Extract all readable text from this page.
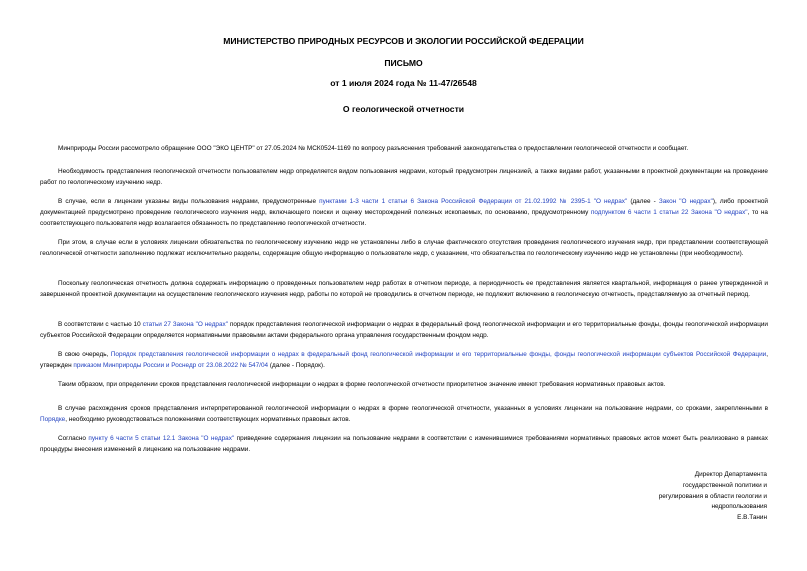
МИНИСТЕРСТВО ПРИРОДНЫХ РЕСУРСОВ И ЭКОЛОГИИ РОССИЙСКОЙ ФЕДЕРАЦИИ
ПИСЬМО
от 1 июля 2024 года № 11-47/26548
О геологической отчетности
Минприроды России рассмотрело обращение ООО "ЭКО ЦЕНТР" от 27.05.2024 № МСК0524-1169 по вопросу разъяснения требований законодательства о предоставлении геологической отчетности и сообщает.
Необходимость представления геологической отчетности пользователем недр определяется видом пользования недрами, который предусмотрен лицензией, а также видами работ, указанными в проектной документации на проведение работ по геологическому изучению недр.
В случае, если в лицензии указаны виды пользования недрами, предусмотренные пунктами 1-3 части 1 статьи 6 Закона Российской Федерации от 21.02.1992 № 2395-1 "О недрах" (далее - Закон "О недрах"), либо проектной документацией предусмотрено проведение геологического изучения недр, включающего поиски и оценку месторождений полезных ископаемых, по основанию, предусмотренному подпунктом 6 части 1 статьи 22 Закона "О недрах", то на соответствующего пользователя недр возлагается обязанность по представлению геологической отчетности.
При этом, в случае если в условиях лицензии обязательства по геологическому изучению недр не установлены либо в случае фактического отсутствия проведения геологического изучения недр, при представлении соответствующей геологической отчетности заполнению подлежат исключительно разделы, содержащие общую информацию о пользователе недр, с указанием, что обязательства по геологическому изучению недр не установлены (при необходимости).
Поскольку геологическая отчетность должна содержать информацию о проведенных пользователем недр работах в отчетном периоде, а периодичность ее представления является квартальной, информация о ранее утвержденной и завершенной проектной документации на осуществление геологического изучения недр, работы по которой не проводились в отчетном периоде, не подлежит включению в геологическую отчетность, представляемую за отчетный период.
В соответствии с частью 10 статьи 27 Закона "О недрах" порядок представления геологической информации о недрах в федеральный фонд геологической информации и его территориальные фонды, фонды геологической информации субъектов Российской Федерации определяется нормативными правовыми актами федерального органа управления государственным фондом недр.
В свою очередь, Порядок представления геологической информации о недрах в федеральный фонд геологической информации и его территориальные фонды, фонды геологической информации субъектов Российской Федерации, утвержден приказом Минприроды России и Роснедр от 23.08.2022 № 547/04 (далее - Порядок).
Таким образом, при определении сроков представления геологической информации о недрах в форме геологической отчетности приоритетное значение имеют требования нормативных правовых актов.
В случае расхождения сроков представления интерпретированной геологической информации о недрах в форме геологической отчетности, указанных в условиях лицензии на пользование недрами, со сроками, закрепленными в Порядке, необходимо руководствоваться положениями соответствующих нормативных правовых актов.
Согласно пункту 6 части 5 статьи 12.1 Закона "О недрах" приведение содержания лицензии на пользование недрами в соответствии с изменившимися требованиями нормативных правовых актов может быть реализовано в рамках процедуры внесения изменений в лицензию на пользование недрами.
Директор Департамента
государственной политики и
регулирования в области геологии и
недропользования
Е.В.Танин
